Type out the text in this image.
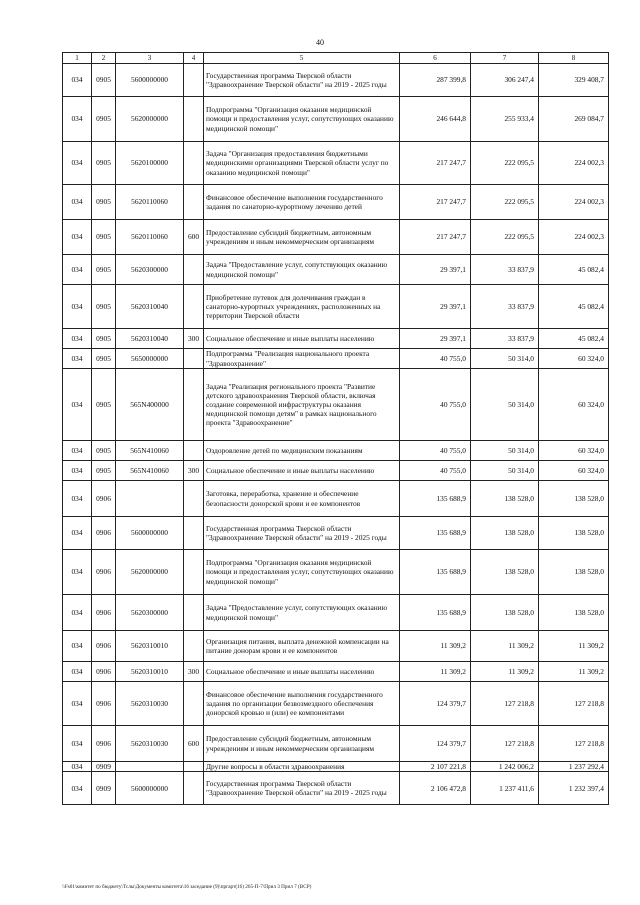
40
1	2	3	4	5	6	7	8
034	0905	5600000000		Государственная программа Тверской области "Здравоохранение Тверской области" на 2019 - 2025 годы	287 399,8	306 247,4	329 408,7
034	0905	5620000000		Подпрограмма "Организация оказания медицинской помощи и предоставления услуг, сопутствующих оказанию медицинской помощи"	246 644,8	255 933,4	269 084,7
034	0905	5620100000		Задача "Организация предоставления бюджетными медицинскими организациями Тверской области услуг по оказанию медицинской помощи"	217 247,7	222 095,5	224 002,3
034	0905	5620110060		Финансовое обеспечение выполнения государственного задания по санаторно-курортному лечению детей	217 247,7	222 095,5	224 002,3
034	0905	5620110060	600	Предоставление субсидий бюджетным, автономным учреждениям и иным некоммерческим организациям	217 247,7	222 095,5	224 002,3
034	0905	5620300000		Задача "Предоставление услуг, сопутствующих оказанию медицинской помощи"	29 397,1	33 837,9	45 082,4
034	0905	5620310040		Приобретение путевок для долечивания граждан в санаторно-курортных учреждениях, расположенных на территории Тверской области	29 397,1	33 837,9	45 082,4
034	0905	5620310040	300	Социальное обеспечение и иные выплаты населению	29 397,1	33 837,9	45 082,4
034	0905	5650000000		Подпрограмма "Реализация национального проекта "Здравоохранение"	40 755,0	50 314,0	60 324,0
034	0905	565N400000		Задача "Реализация регионального проекта "Развитие детского здравоохранения Тверской области, включая создание современной инфраструктуры оказания медицинской помощи детям" в рамках национального проекта "Здравоохранение"	40 755,0	50 314,0	60 324,0
034	0905	565N410060		Оздоровление детей по медицинским показаниям	40 755,0	50 314,0	60 324,0
034	0905	565N410060	300	Социальное обеспечение и иные выплаты населению	40 755,0	50 314,0	60 324,0
034	0906			Заготовка, переработка, хранение и обеспечение безопасности донорской крови и ее компонентов	135 688,9	138 528,0	138 528,0
034	0906	5600000000		Государственная программа Тверской области "Здравоохранение Тверской области" на 2019 - 2025 годы	135 688,9	138 528,0	138 528,0
034	0906	5620000000		Подпрограмма "Организация оказания медицинской помощи и предоставления услуг, сопутствующих оказанию медицинской помощи"	135 688,9	138 528,0	138 528,0
034	0906	5620300000		Задача "Предоставление услуг, сопутствующих оказанию медицинской помощи"	135 688,9	138 528,0	138 528,0
034	0906	5620310010		Организация питания, выплата денежной компенсации на питание донорам крови и ее компонентов	11 309,2	11 309,2	11 309,2
034	0906	5620310010	300	Социальное обеспечение и иные выплаты населению	11 309,2	11 309,2	11 309,2
034	0906	5620310030		Финансовое обеспечение выполнения государственного задания по организации безвозмездного обеспечения донорской кровью и (или) ее компонентами	124 379,7	127 218,8	127 218,8
034	0906	5620310030	600	Предоставление субсидий бюджетным, автономным учреждениям и иным некоммерческим организациям	124 379,7	127 218,8	127 218,8
034	0909			Другие вопросы в области здравоохранения	2 107 221,8	1 242 006,2	1 237 292,4
034	0909	5600000000		Государственная программа Тверской области "Здравоохранение Тверской области" на 2019 - 2025 годы	2 106 472,8	1 237 411,6	1 232 397,4
\\Fs01\комитет по бюджету\Тслы\Документы комитета\16 заседание (9)\пргарт(16) 265-П-7\Прил 3 Прил 7 (ВСР)
